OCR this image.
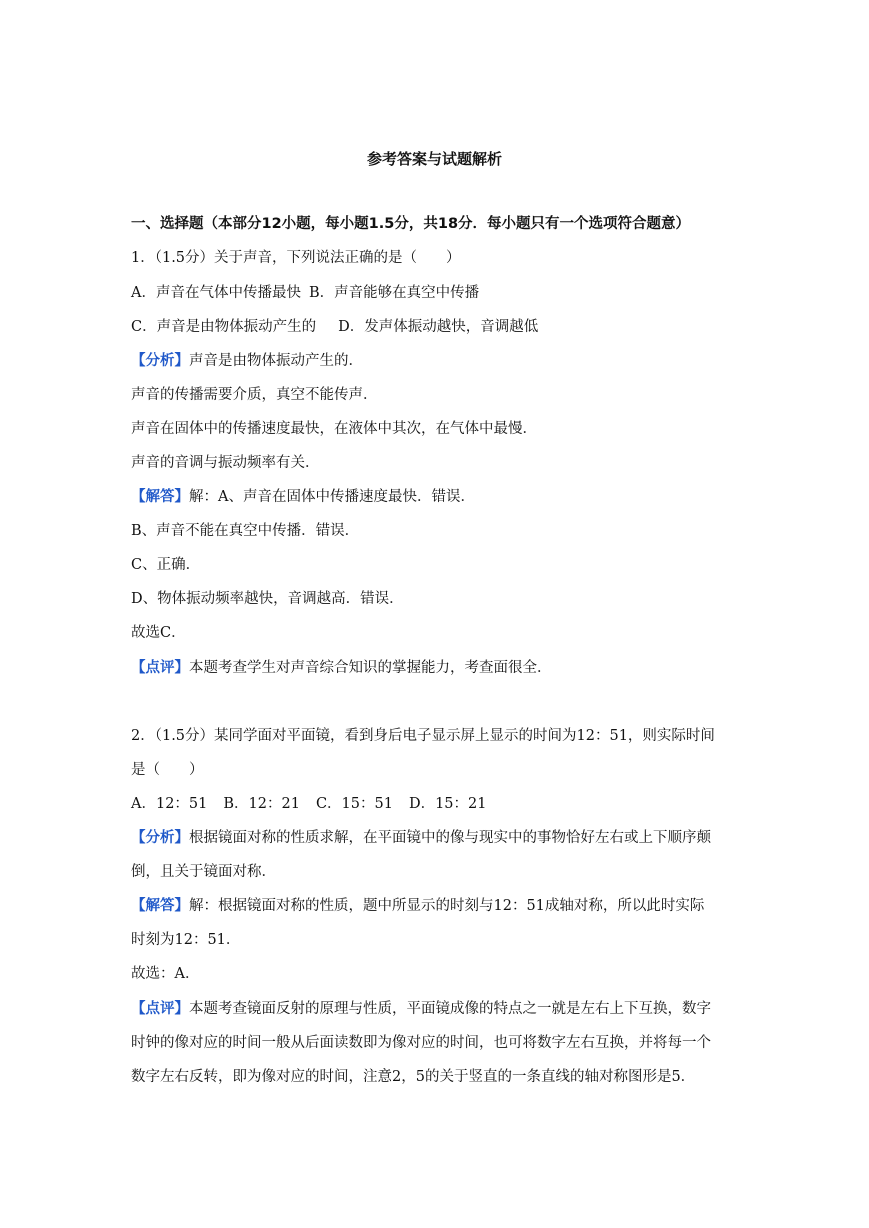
参考答案与试题解析
一、选择题（本部分12小题，每小题1.5分，共18分．每小题只有一个选项符合题意）
1．（1.5分）关于声音，下列说法正确的是（　　）
A．声音在气体中传播最快 B．声音能够在真空中传播
C．声音是由物体振动产生的 D．发声体振动越快，音调越低
【分析】声音是由物体振动产生的．
声音的传播需要介质，真空不能传声．
声音在固体中的传播速度最快，在液体中其次，在气体中最慢．
声音的音调与振动频率有关．
【解答】解：A、声音在固体中传播速度最快．错误．
B、声音不能在真空中传播．错误．
C、正确．
D、物体振动频率越快，音调越高．错误．
故选C．
【点评】本题考查学生对声音综合知识的掌握能力，考查面很全．
2．（1.5分）某同学面对平面镜，看到身后电子显示屏上显示的时间为12：51，则实际时间
是（　　）
A．12：51 B．12：21 C．15：51 D．15：21
【分析】根据镜面对称的性质求解，在平面镜中的像与现实中的事物恰好左右或上下顺序颠
倒，且关于镜面对称．
【解答】解：根据镜面对称的性质，题中所显示的时刻与12：51成轴对称，所以此时实际
时刻为12：51．
故选：A．
【点评】本题考查镜面反射的原理与性质，平面镜成像的特点之一就是左右上下互换，数字
时钟的像对应的时间一般从后面读数即为像对应的时间，也可将数字左右互换，并将每一个
数字左右反转，即为像对应的时间，注意2，5的关于竖直的一条直线的轴对称图形是5．
